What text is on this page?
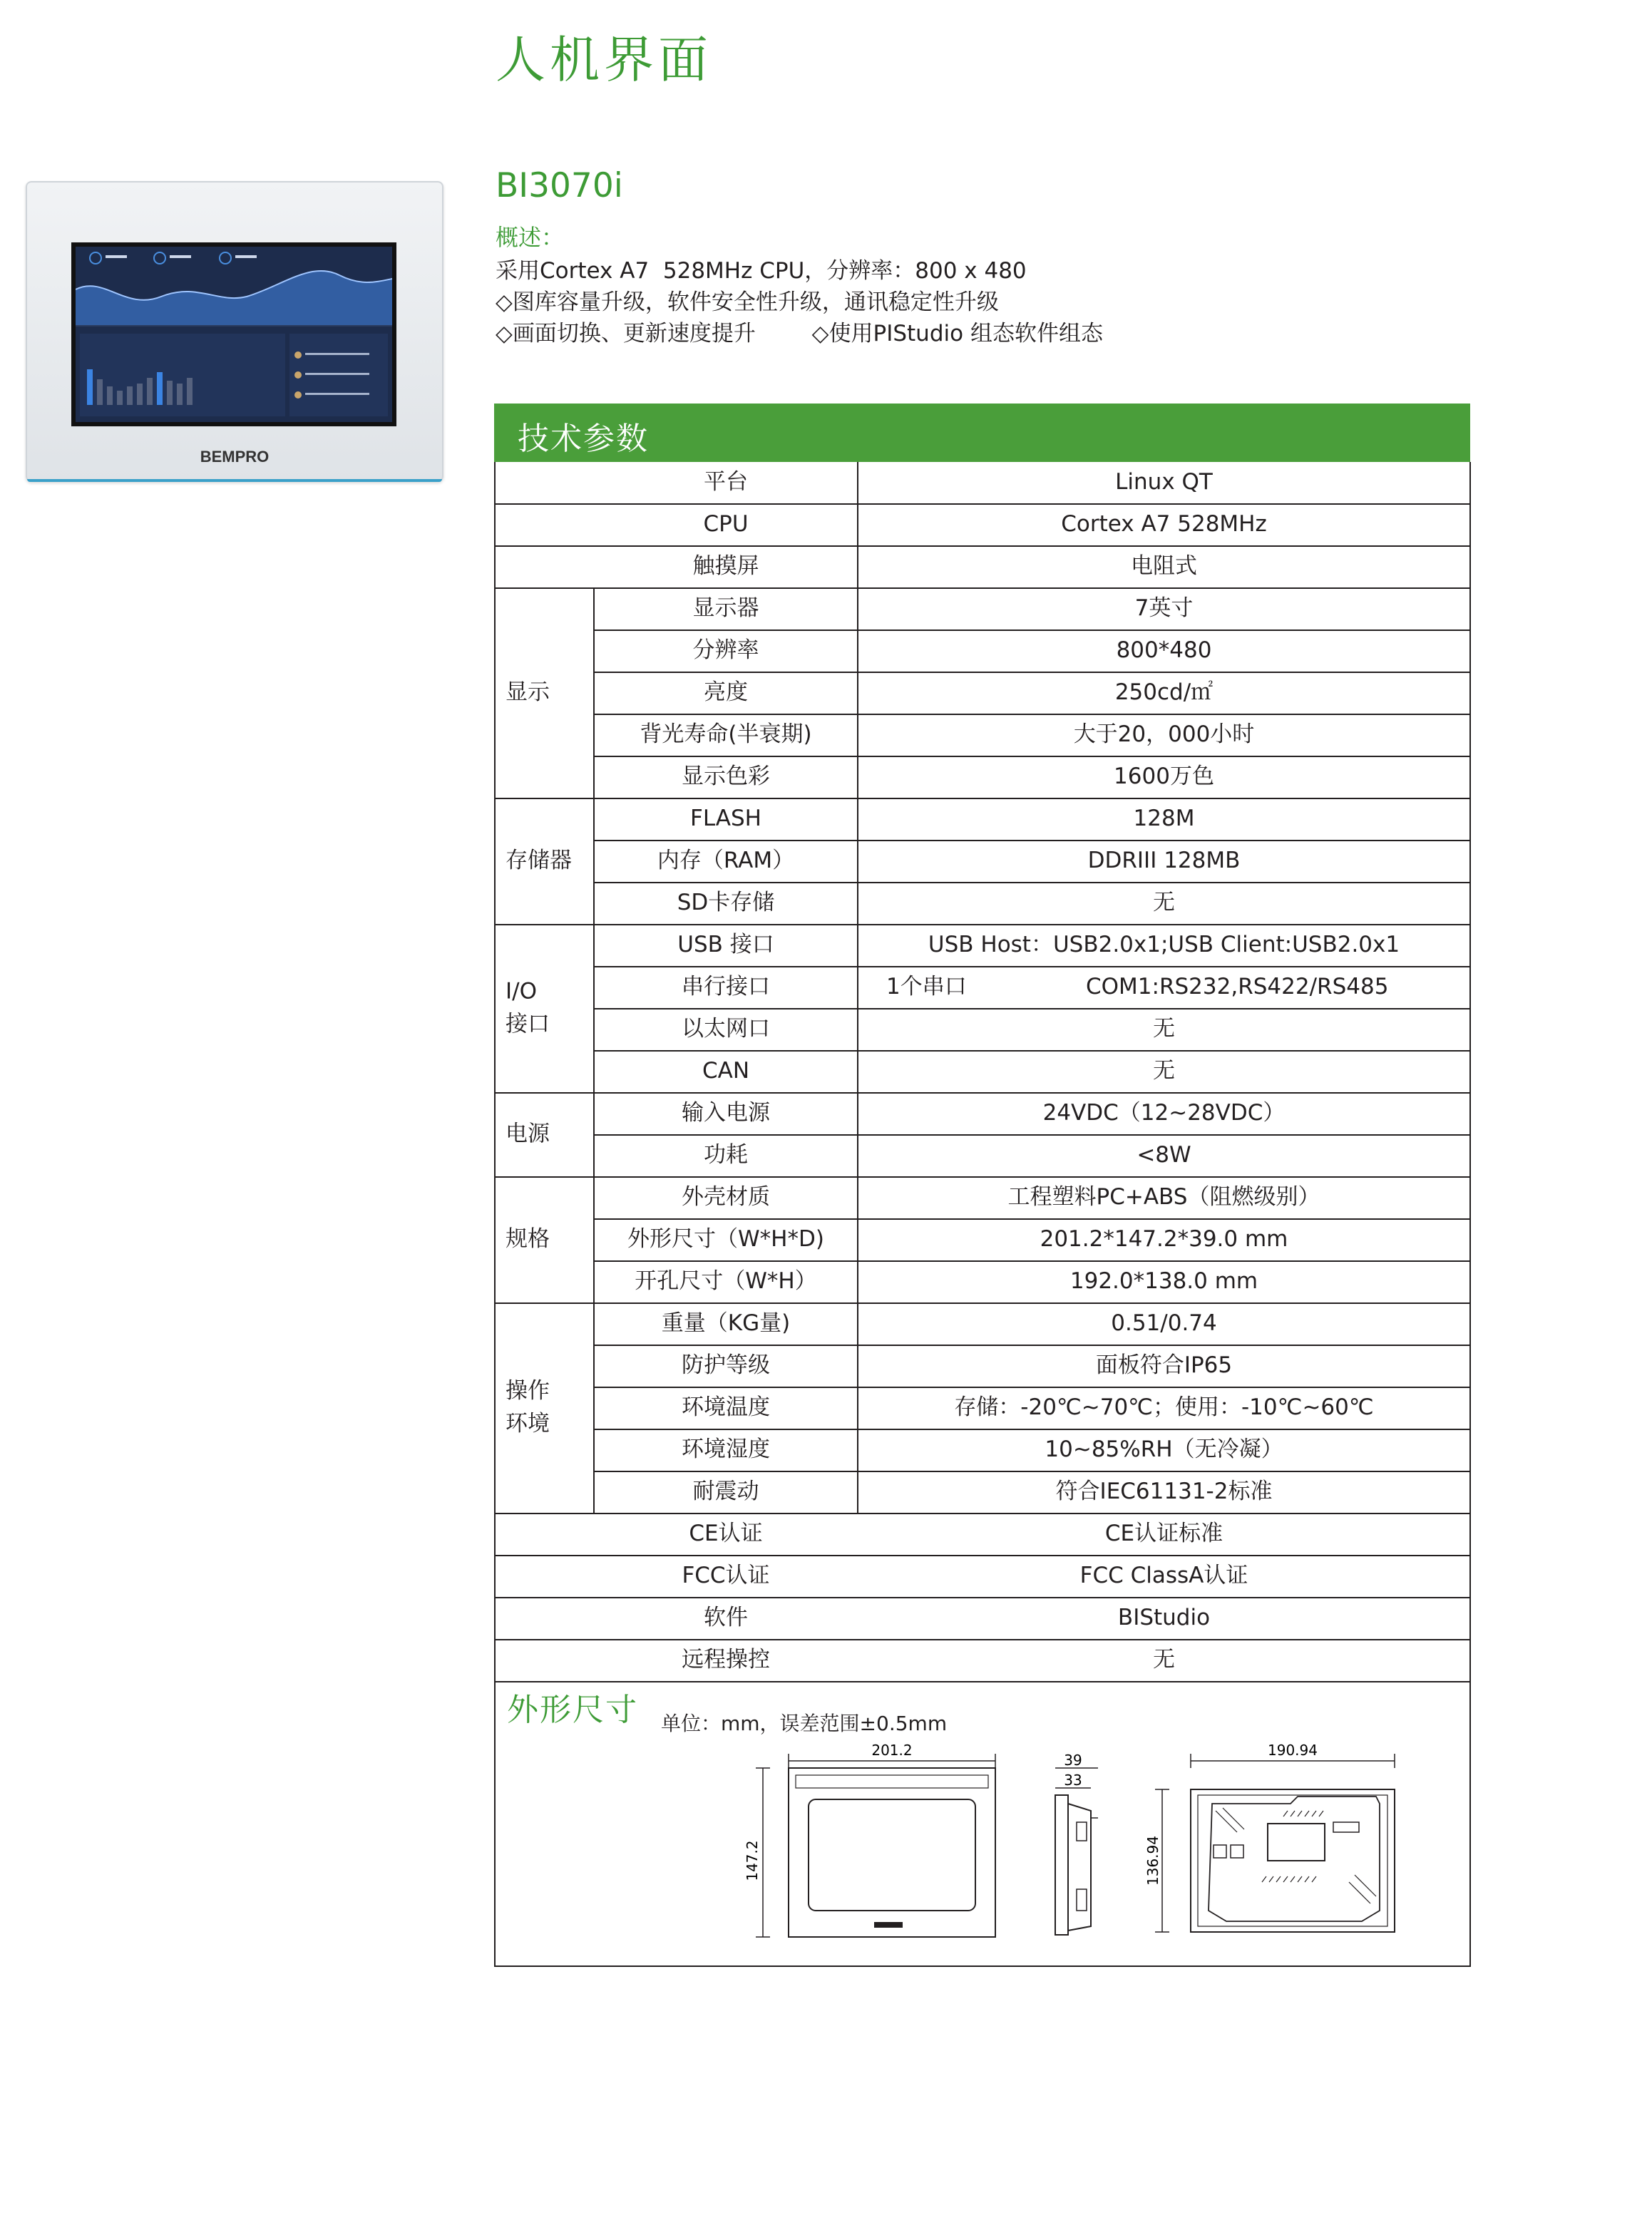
人机界面
BEMPRO
BI3070i
概述：
采用Cortex A7  528MHz CPU，分辨率：800 x 480
◇图库容量升级，软件安全性升级，通讯稳定性升级
◇画面切换、更新速度提升        ◇使用PIStudio 组态软件组态
技术参数
平台	Linux QT
CPU	Cortex A7 528MHz
触摸屏	电阻式
显示器	7英寸
分辨率	800*480
亮度	250cd/㎡
背光寿命(半衰期)	大于20，000小时
显示色彩	1600万色
显示
FLASH	128M
内存（RAM）	DDRIII 128MB
SD卡存储	无
存储器
USB 接口	USB Host：USB2.0x1;USB Client:USB2.0x1
串行接口	1个串口	COM1:RS232,RS422/RS485
以太网口	无
CAN	无
I/O
接口
输入电源	24VDC（12~28VDC）
功耗	<8W
电源
外壳材质	工程塑料PC+ABS（阻燃级别）
外形尺寸（W*H*D)	201.2*147.2*39.0 mm
开孔尺寸（W*H）	192.0*138.0 mm
规格
重量（KG量)	0.51/0.74
防护等级	面板符合IP65
环境温度	存储：-20℃~70℃；使用：-10℃~60℃
环境湿度	10~85%RH（无冷凝）
耐震动	符合IEC61131-2标准
操作
环境
CE认证	CE认证标准
FCC认证	FCC ClassA认证
软件	BIStudio
远程操控	无
外形尺寸 单位：mm，误差范围±0.5mm
201.2
147.2
39
33
190.94
136.94
